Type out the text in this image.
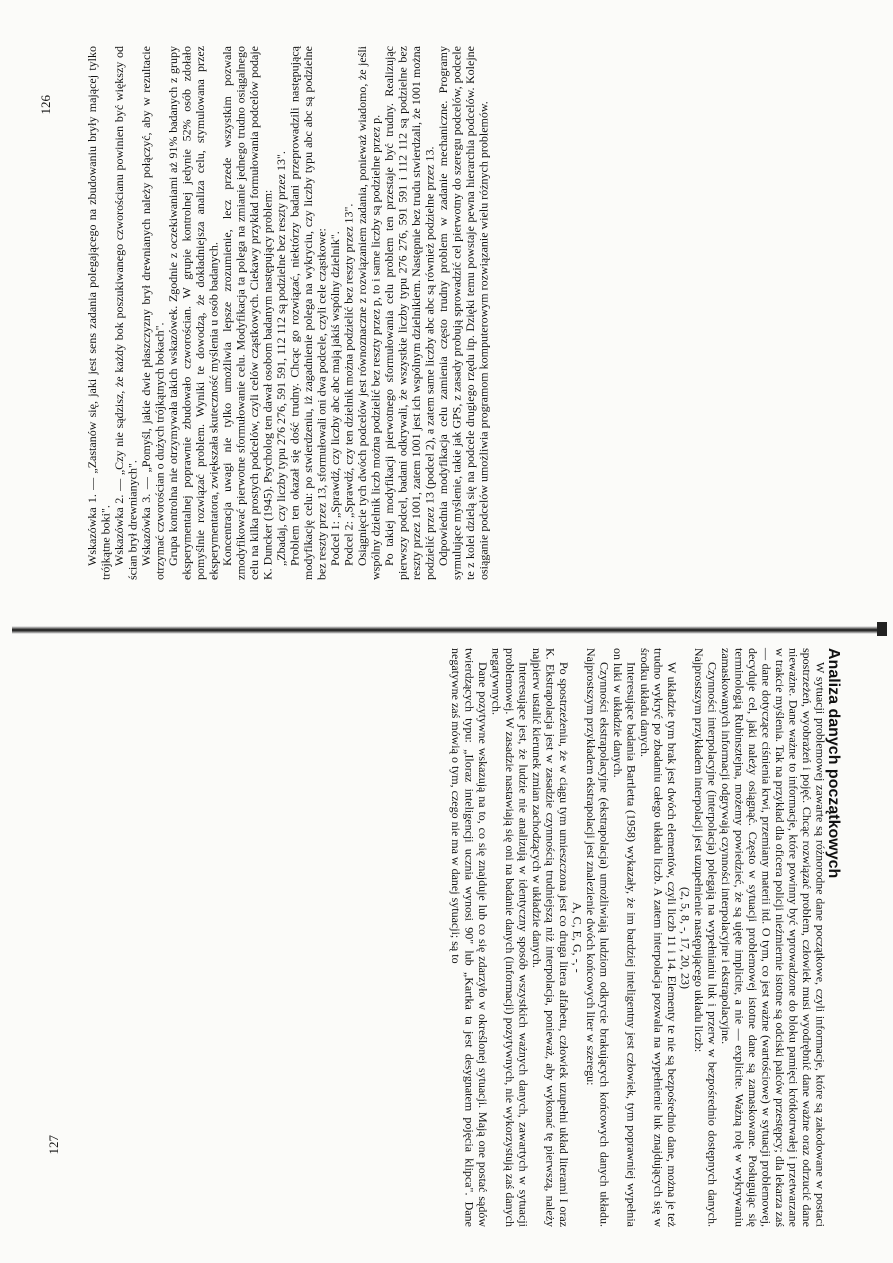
Wskazówka 1. — „Zastanów się, jaki jest sens zadania polegającego na zbudowaniu bryły mającej tylko trójkątne boki". Wskazówka 2. — „Czy nie sądzisz, że każdy bok poszukiwanego czworościanu powinien być większy od ścian brył drewnianych". Wskazówka 3. — „Pomyśl, jakie dwie płaszczyzny brył drewnianych należy połączyć, aby w rezultacie otrzymać czworościan o dużych trójkątnych bokach". Grupa kontrolna nie otrzymywała takich wskazówek. Zgodnie z oczekiwaniami aż 91% badanych z grupy eksperymentalnej poprawnie zbudowało czworościan. W grupie kontrolnej jedynie 52% osób zdołało pomyślnie rozwiązać problem. Wyniki te dowodzą, że dokładniejsza analiza celu, stymulowana przez eksperymentatora, zwiększała skuteczność myślenia u osób badanych. Koncentracja uwagi nie tylko umożliwia lepsze zrozumienie, lecz przede wszystkim pozwala zmodyfikować pierwotne sformułowanie celu. Modyfikacja ta polega na zmianie jednego trudno osiągalnego celu na kilka prostych podcelów, czyli celów cząstkowych. Ciekawy przykład formułowania podcelów podaje K. Duncker (1945). Psycholog ten dawał osobom badanym następujący problem: „Zbadaj, czy liczby typu 276 276, 591 591, 112 112 są podzielne bez reszty przez 13". Problem ten okazał się dość trudny. Chcąc go rozwiązać, niektórzy badani przeprowadzili następującą modyfikację celu: po stwierdzeniu, iż zagadnienie polega na wykryciu, czy liczby typu abc abc są podzielne bez reszty przez 13, sformułowali oni dwa podcele, czyli cele cząstkowe: Podcel 1: „Sprawdź, czy liczby abc abc mają jakiś wspólny dzielnik". Podcel 2: „Sprawdź, czy ten dzielnik można podzielić bez reszty przez 13". Osiągnięcie tych dwóch podcelów jest równoznaczne z rozwiązaniem zadania, ponieważ wiadomo, że jeśli wspólny dzielnik liczb można podzielić bez reszty przez p, to i same liczby są podzielne przez p. Po takiej modyfikacji pierwotnego sformułowania celu problem ten przestaje być trudny. Realizując pierwszy podcel, badani odkrywali, że wszystkie liczby typu 276 276, 591 591 i 112 112 są podzielne bez reszty przez 1001, zatem 1001 jest ich wspólnym dzielnikiem. Następnie bez trudu stwierdzali, że 1001 można podzielić przez 13 (podcel 2), a zatem same liczby abc abc są również podzielne przez 13. Odpowiednia modyfikacja celu zamienia często trudny problem w zadanie mechaniczne. Programy symulujące myślenie, takie jak GPS, z zasady probują sprowadzić cel pierwotny do szeregu podcelów, podcele te z kolei dzielą się na podcele drugiego rzędu itp. Dzięki temu powstaje pewna hierarchia podcelów. Kolejne osiąganie podcelów umożliwia programom komputerowym rozwiązanie wielu różnych problemów.

126

Analiza danych początkowych

W sytuacji problemowej zawarte są różnorodne dane początkowe, czyli informacje, które są zakodowane w postaci spostrzeżeń, wyobrażeń i pojęć. Chcąc rozwiązać problem, człowiek musi wyodrębnić dane ważne oraz odrzucić dane nieważne. Dane ważne to informacje, które powinny być wprowadzone do bloku pamięci krótkotrwałej i przetwarzane w trakcie myślenia. Tak na przykład dla oficera policji nieźmiernie istotne są odciski palców przestępcy; dla lekarza zaś — dane dotyczące ciśnienia krwi, przemiany materii itd. O tym, co jest ważne (wartościowe) w sytuacji problemowej, decyduje cel, jaki należy osiągnąć. Często w sytuacji problemowej istotne dane są zamaskowane. Posługując się terminologią Rubinsztejna, możemy powiedzieć, że są ujęte implicite, a nie — explicite. Ważną rolę w wykrywaniu zamaskowanych informacji odgrywają czynności interpolacyjne i ekstrapolacyjne.

Czynności interpolacyjne (interpolacja) polegają na wypełnianiu luk i przerw w bezpośrednio dostępnych danych. Najprostszym przykładem interpolacji jest uzupełnienie następującego układu liczb:

(2, 5, 8, -, 17, 20, 23)

W układzie tym brak jest dwóch elementów, czyli liczb 11 i 14. Elementy te nie są bezpośrednio dane, można je też trudno wykryć po zbadaniu całego układu liczb. A zatem interpolacja pozwala na wypełnienie luk znajdujących się w środku układu danych.

Interesujące badania Bartletta (1958) wykazały, że im bardziej inteligentny jest człowiek, tym poprawniej wypełnia on luki w układzie danych.

Czynności ekstrapolacyjne (ekstrapolacja) umożliwiają ludziom odkrycie brakujących końcowych danych układu. Najprostszym przykładem ekstrapolacji jest znalezienie dwóch końcowych liter w szeregu:

A, C, E, G, -, -

Po spostrzeżeniu, że w ciągu tym umieszczona jest co druga litera alfabetu, człowiek uzupełni układ literami I oraz K. Ekstrapolacja jest w zasadzie czynnością trudniejszą niż interpolacja, ponieważ, aby wykonać tę pierwszą, należy najpierw ustalić kierunek zmian zachodzących w układzie danych.

Interesujące jest, że ludzie nie analizują w identyczny sposób wszystkich ważnych danych, zawartych w sytuacji problemowej. W zasadzie nastawiają się oni na badanie danych (informacji) pozytywnych, nie wykorzystują zaś danych negatywnych.

Dane pozytywne wskazują na to, co się znajduje lub co się zdarzyło w określonej sytuacji. Mają one postać sądów twierdzących typu: „Iloraz inteligencji ucznia wynosi 90" lub „Kartka ta jest desygnatem pojęcia klipca". Dane negatywne zaś mówią o tym, czego nie ma w danej sytuacji; są to

127
